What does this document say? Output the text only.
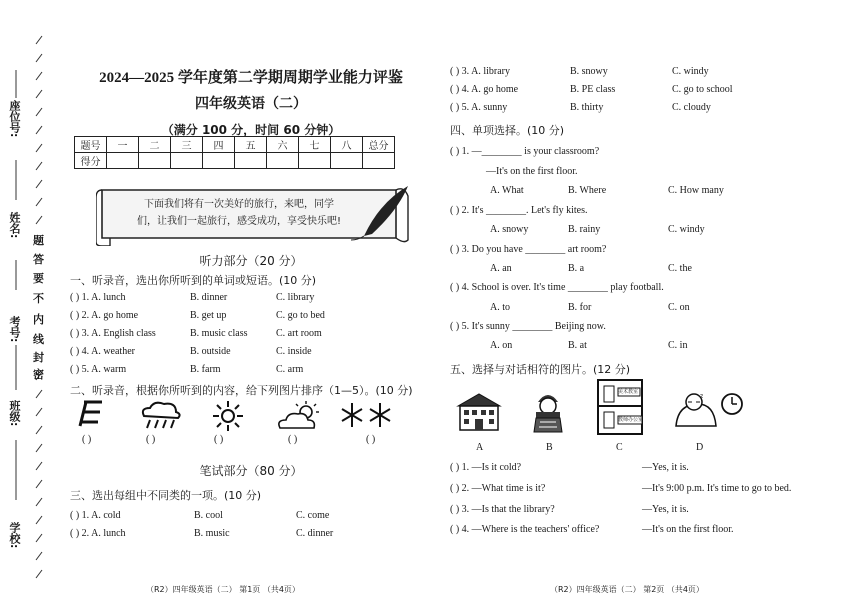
座位号:
姓名:
考号:
班级:
学校:
题
答
要
不
内
线
封
密
2024—2025 学年度第二学期周期学业能力评鉴
四年级英语（二）
（满分 100 分，时间 60 分钟）
题号	一	二	三	四	五	六	七	八	总分
得分									
下面我们将有一次美好的旅行，来吧，同学
们，让我们一起旅行，感受成功，享受快乐吧!
听力部分（20 分）
一、听录音，选出你所听到的单词或短语。(10 分)
( ) 1. A. lunch	B. dinner	C. library
( ) 2. A. go home	B. get up	C. go to bed
( ) 3. A. English class	B. music class	C. art room
( ) 4. A. weather	B. outside	C. inside
( ) 5. A. warm	B. farm	C. arm
二、听录音，根据你所听到的内容，给下列图片排序（1—5）。(10 分)
( )	( )	( )	( )	( )
笔试部分（80 分）
三、选出每组中不同类的一项。(10 分)
( ) 1. A. cold	B. cool	C. come
( ) 2. A. lunch	B. music	C. dinner
（R2）四年级英语（二） 第1页 （共4页）
( ) 3. A. library	B. snowy	C. windy
( ) 4. A. go home	B. PE class	C. go to school
( ) 5. A. sunny	B. thirty	C. cloudy
四、单项选择。(10 分)
( ) 1. —________ is your classroom?
—It's on the first floor.
A. What	B. Where	C. How many
( ) 2. It's ________. Let's fly kites.
A. snowy	B. rainy	C. windy
( ) 3. Do you have ________ art room?
A. an	B. a	C. the
( ) 4. School is over. It's time ________ play football.
A. to	B. for	C. on
( ) 5. It's sunny ________ Beijing now.
A. on	B. at	C. in
五、选择与对话相符的图片。(12 分)
美术教室
教师办公室
z
A	B	C	D
( ) 1. —Is it cold?	—Yes, it is.
( ) 2. —What time is it?	—It's 9:00 p.m. It's time to go to bed.
( ) 3. —Is that the library?	—Yes, it is.
( ) 4. —Where is the teachers' office?	—It's on the first floor.
（R2）四年级英语（二） 第2页 （共4页）
